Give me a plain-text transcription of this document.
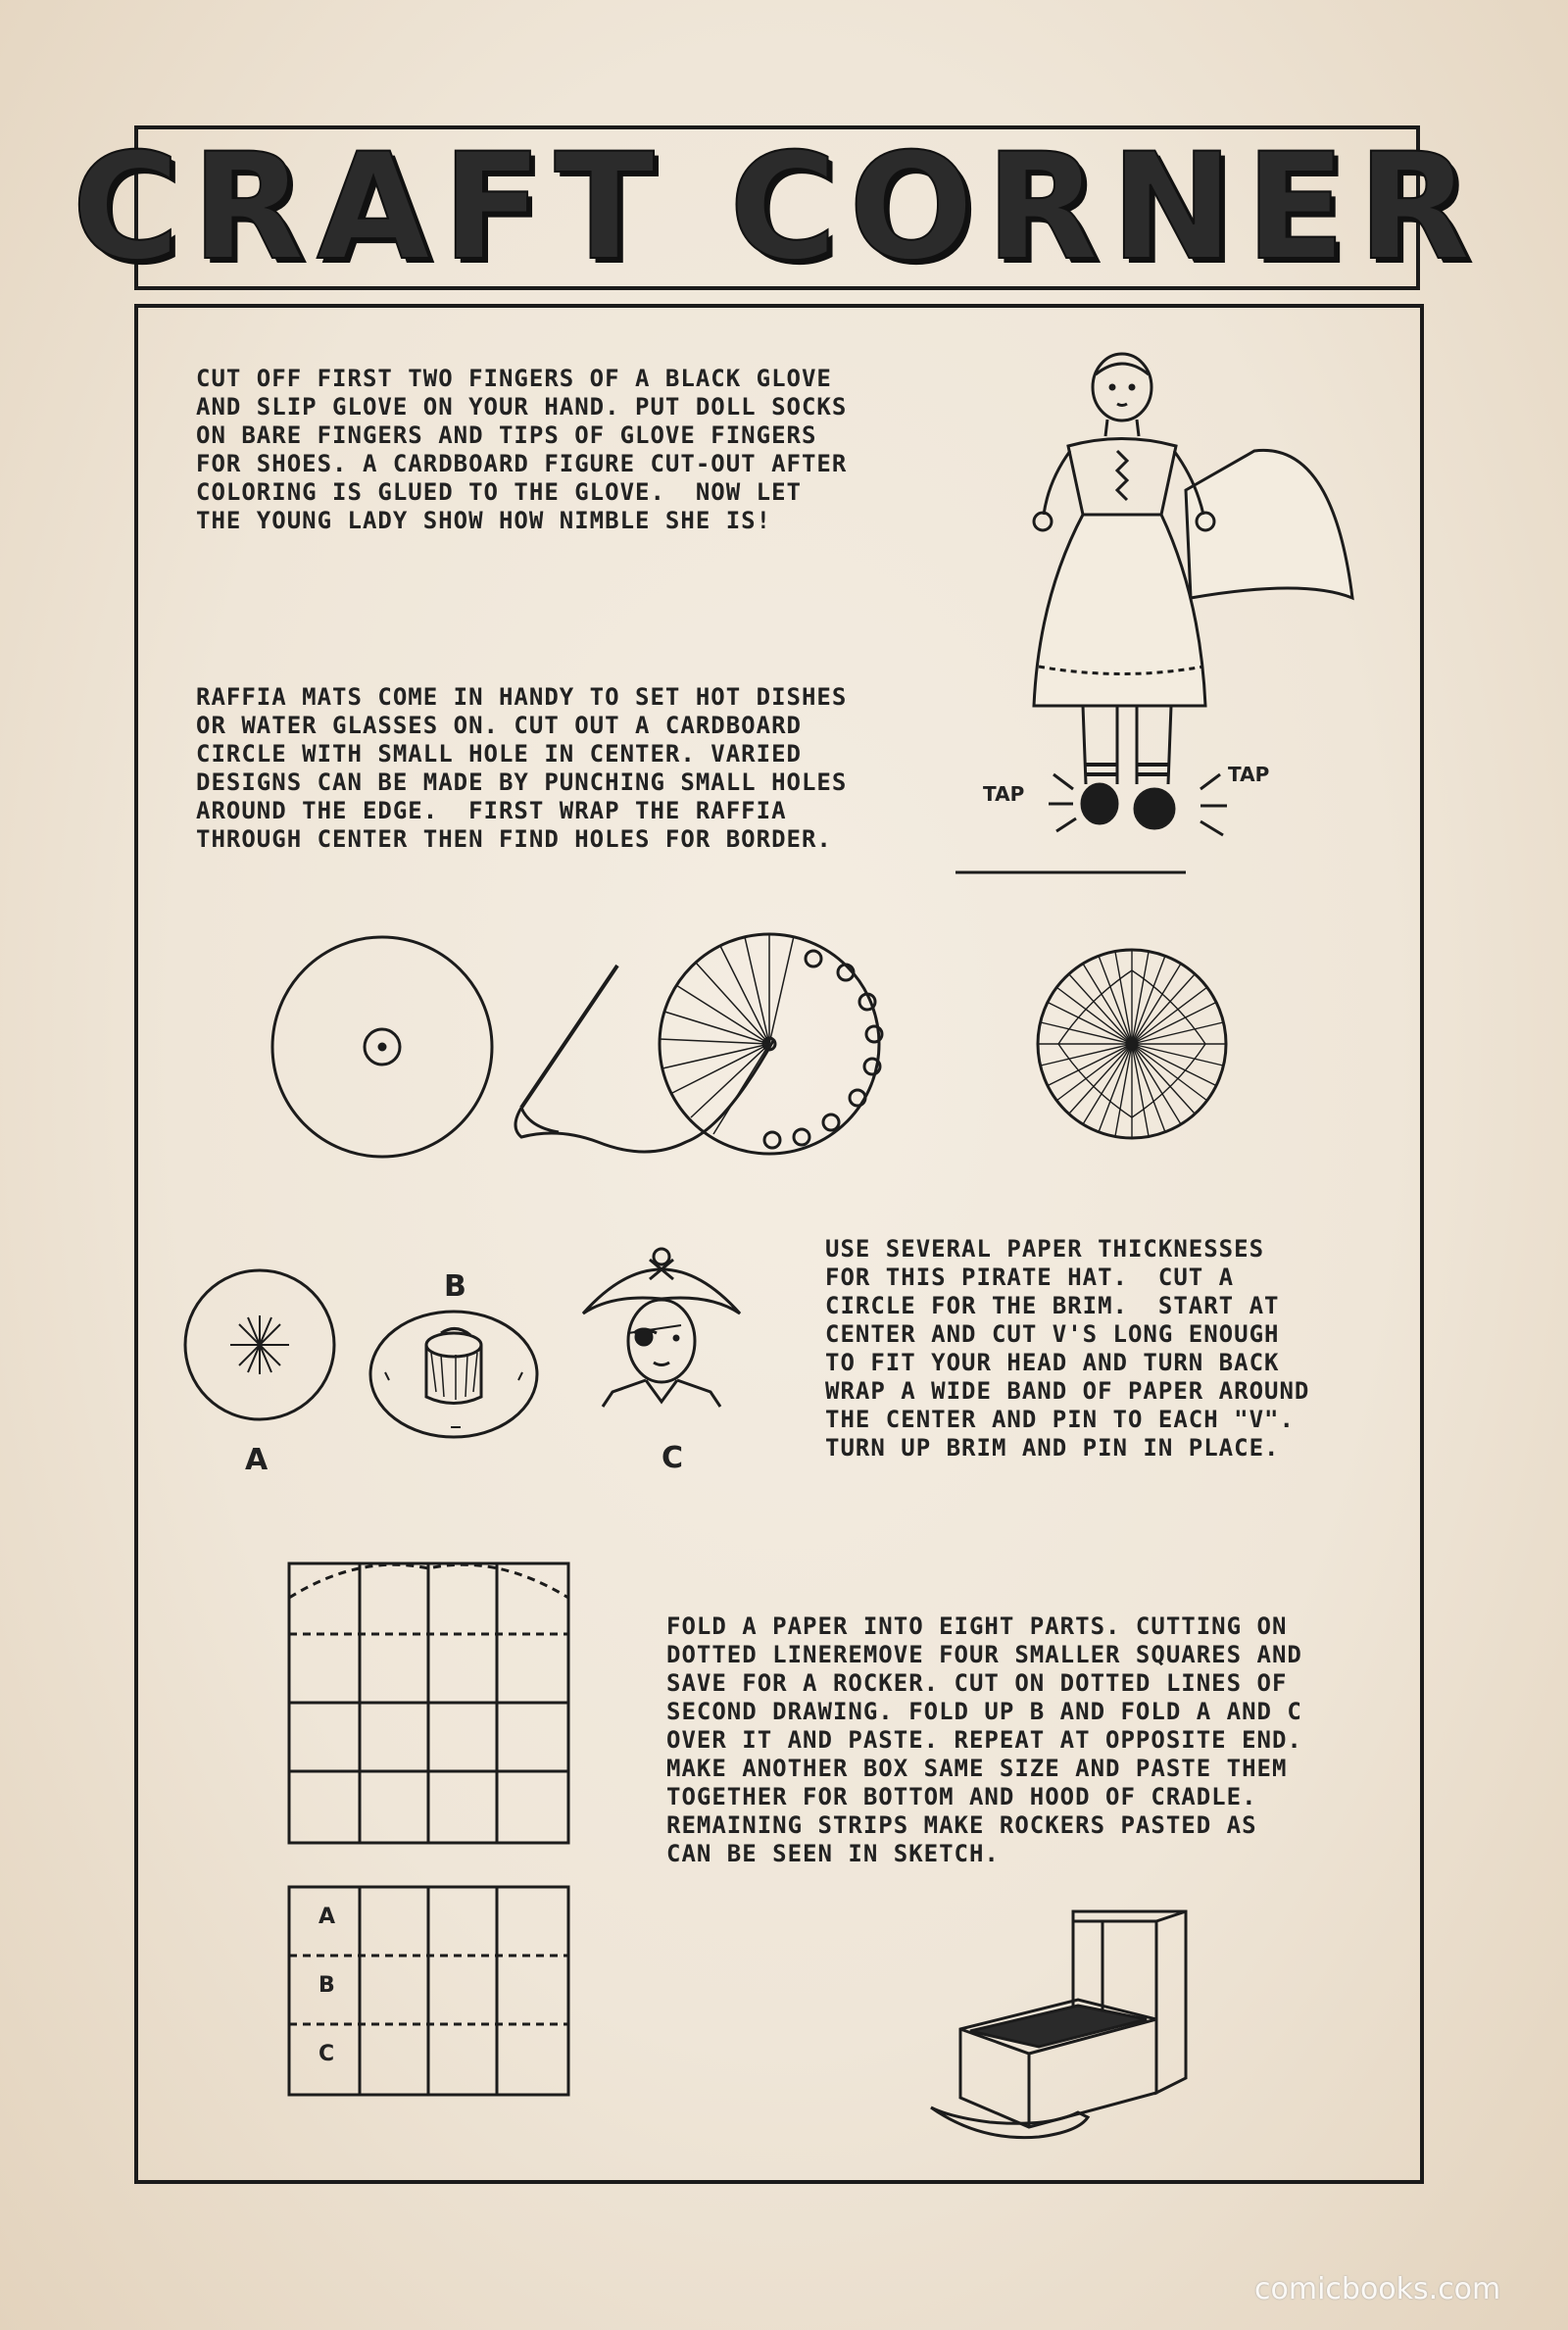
CRAFT CORNER

CUT OFF FIRST TWO FINGERS OF A BLACK GLOVE
AND SLIP GLOVE ON YOUR HAND. PUT DOLL SOCKS
ON BARE FINGERS AND TIPS OF GLOVE FINGERS
FOR SHOES. A CARDBOARD FIGURE CUT-OUT AFTER
COLORING IS GLUED TO THE GLOVE.  NOW LET
THE YOUNG LADY SHOW HOW NIMBLE SHE IS!

RAFFIA MATS COME IN HANDY TO SET HOT DISHES
OR WATER GLASSES ON. CUT OUT A CARDBOARD
CIRCLE WITH SMALL HOLE IN CENTER. VARIED
DESIGNS CAN BE MADE BY PUNCHING SMALL HOLES
AROUND THE EDGE.  FIRST WRAP THE RAFFIA
THROUGH CENTER THEN FIND HOLES FOR BORDER.

USE SEVERAL PAPER THICKNESSES
FOR THIS PIRATE HAT.  CUT A
CIRCLE FOR THE BRIM.  START AT
CENTER AND CUT V'S LONG ENOUGH
TO FIT YOUR HEAD AND TURN BACK
WRAP A WIDE BAND OF PAPER AROUND
THE CENTER AND PIN TO EACH "V".
TURN UP BRIM AND PIN IN PLACE.

FOLD A PAPER INTO EIGHT PARTS. CUTTING ON
DOTTED LINEREMOVE FOUR SMALLER SQUARES AND
SAVE FOR A ROCKER. CUT ON DOTTED LINES OF
SECOND DRAWING. FOLD UP B AND FOLD A AND C
OVER IT AND PASTE. REPEAT AT OPPOSITE END.
MAKE ANOTHER BOX SAME SIZE AND PASTE THEM
TOGETHER FOR BOTTOM AND HOOD OF CRADLE.
REMAINING STRIPS MAKE ROCKERS PASTED AS
CAN BE SEEN IN SKETCH.

TAP
TAP
A
B
C
A
B
C
comicbooks.com
